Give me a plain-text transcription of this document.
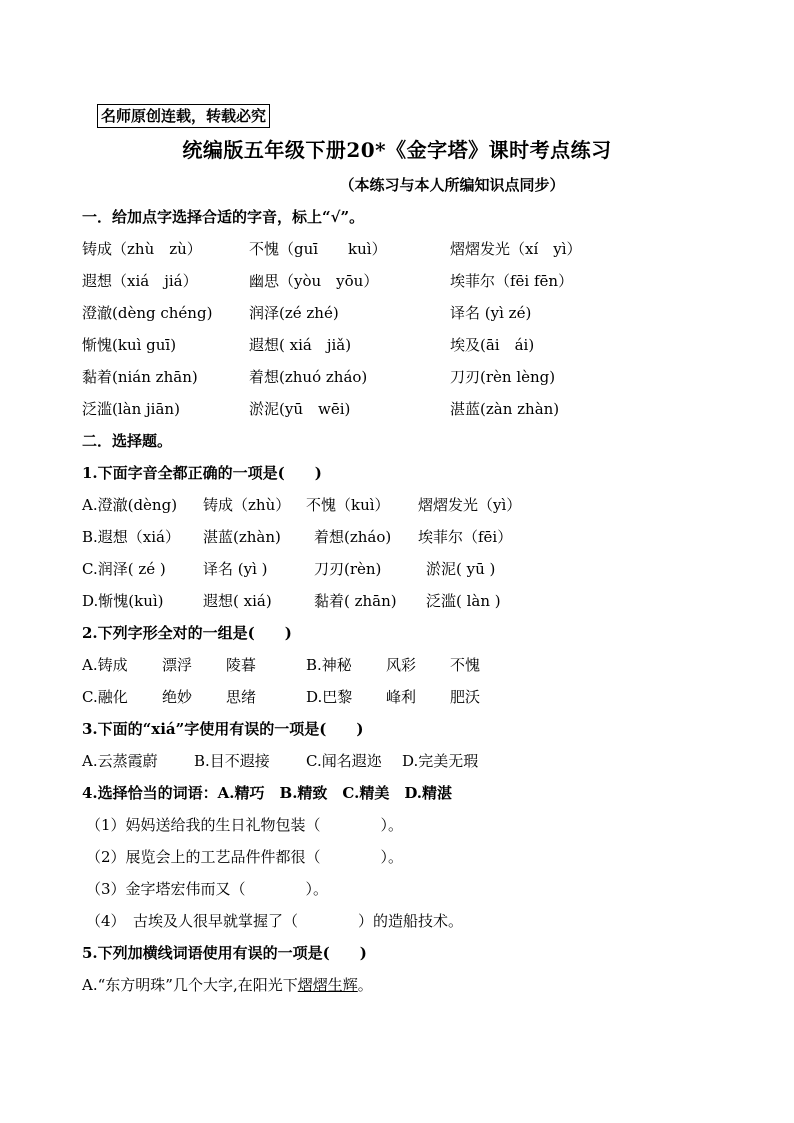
名师原创连载，转载必究
统编版五年级下册20*《金字塔》课时考点练习
（本练习与本人所编知识点同步）
一．给加点字选择合适的字音，标上“√”。
铸成（zhù　zù）	不愧（guī　　kuì）	熠熠发光（xí　yì）
遐想（xiá　jiá）	幽思（yòu　yōu）	埃菲尔（fēi fēn）
澄澈(dèng chéng) 润泽(zé zhé)	译名 (yì zé)
惭愧(kuì guī)	遐想( xiá　jiǎ)	埃及(āi　ái)
黏着(nián zhān)	着想(zhuó zháo)	刀刃(rèn lèng)
泛滥(làn jiān)	淤泥(yū　wēi)	湛蓝(zàn zhàn)
二．选择题。
1.下面字音全都正确的一项是(　　)
A.澄澈(dèng) 铸成（zhù） 不愧（kuì） 熠熠发光（yì）
B.遐想（xiá） 湛蓝(zhàn) 着想(zháo) 埃菲尔（fēi）
C.润泽( zé ) 译名 (yì )	刀刃(rèn)	淤泥( yū )
D.惭愧(kuì)	遐想( xiá)	黏着( zhān) 泛滥( làn )
2.下列字形全对的一组是(　　)
A.铸成 漂浮 陵暮	B.神秘 风彩 不愧
C.融化 绝妙 思绪	D.巴黎 峰利 肥沃
3.下面的“xiá”字使用有误的一项是(　　)
A.云蒸霞蔚 B.目不遐接 C.闻名遐迩 D.完美无瑕
4.选择恰当的词语：A.精巧　B.精致　C.精美　D.精湛
（1）妈妈送给我的生日礼物包装（　　　　）。
（2）展览会上的工艺品件件都很（　　　　）。
（3）金字塔宏伟而又（　　　　）。
（4）　古埃及人很早就掌握了（　　　　）的造船技术。
5.下列加横线词语使用有误的一项是(　　)
A.“东方明珠”几个大字,在阳光下熠熠生辉。
